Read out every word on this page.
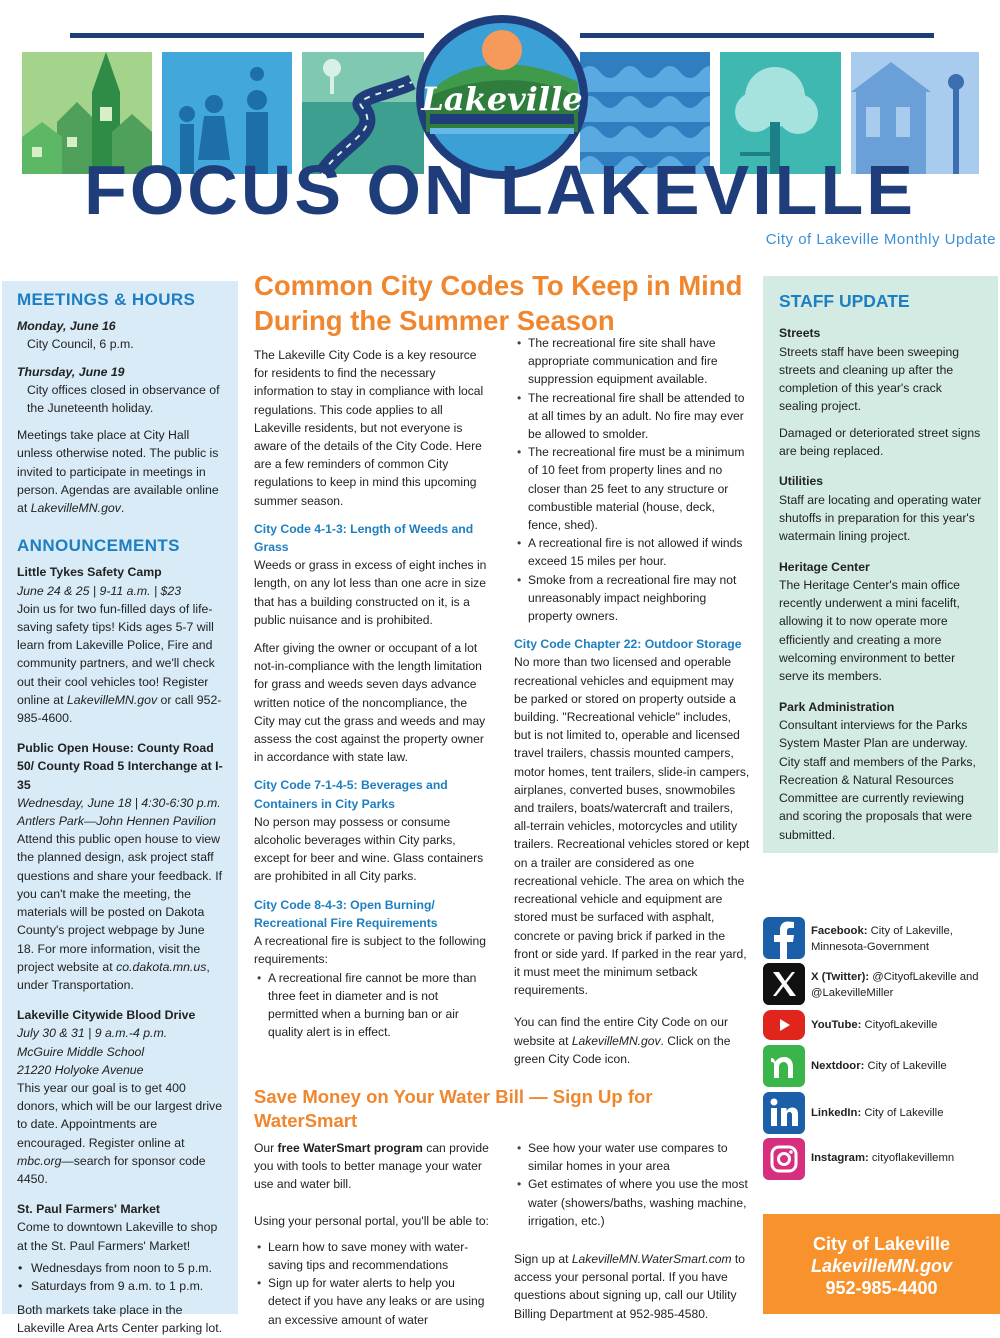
Lakeville
FOCUS ON LAKEVILLE
City of Lakeville Monthly Update
MEETINGS & HOURS

Monday, June 16

City Council, 6 p.m.

Thursday, June 19

City offices closed in observance of the Juneteenth holiday.

Meetings take place at City Hall unless otherwise noted. The public is invited to participate in meetings in person. Agendas are available online at LakevilleMN.gov.

ANNOUNCEMENTS

Little Tykes Safety Camp

June 24 & 25 | 9-11 a.m. | $23

Join us for two fun-filled days of life-saving safety tips! Kids ages 5-7 will learn from Lakeville Police, Fire and community partners, and we'll check out their cool vehicles too! Register online at LakevilleMN.gov or call 952-985-4600.

Public Open House: County Road 50/ County Road 5 Interchange at I-35

Wednesday, June 18 | 4:30-6:30 p.m.

Antlers Park—John Hennen Pavilion

Attend this public open house to view the planned design, ask project staff questions and share your feedback. If you can't make the meeting, the materials will be posted on Dakota County's project webpage by June 18. For more information, visit the project website at co.dakota.mn.us, under Transportation.

Lakeville Citywide Blood Drive

July 30 & 31 | 9 a.m.-4 p.m.

McGuire Middle School

21220 Holyoke Avenue

This year our goal is to get 400 donors, which will be our largest drive to date. Appointments are encouraged. Register online at mbc.org—search for sponsor code 4450.

St. Paul Farmers' Market

Come to downtown Lakeville to shop at the St. Paul Farmers' Market!

• Wednesdays from noon to 5 p.m.
• Saturdays from 9 a.m. to 1 p.m.

Both markets take place in the Lakeville Area Arts Center parking lot.

Common City Codes To Keep in Mind During the Summer Season

The Lakeville City Code is a key resource for residents to find the necessary information to stay in compliance with local regulations. This code applies to all Lakeville residents, but not everyone is aware of the details of the City Code. Here are a few reminders of common City regulations to keep in mind this upcoming summer season.

City Code 4-1-3: Length of Weeds and Grass

Weeds or grass in excess of eight inches in length, on any lot less than one acre in size that has a building constructed on it, is a public nuisance and is prohibited.

After giving the owner or occupant of a lot not-in-compliance with the length limitation for grass and weeds seven days advance written notice of the noncompliance, the City may cut the grass and weeds and may assess the cost against the property owner in accordance with state law.

City Code 7-1-4-5: Beverages and Containers in City Parks

No person may possess or consume alcoholic beverages within City parks, except for beer and wine. Glass containers are prohibited in all City parks.

City Code 8-4-3: Open Burning/ Recreational Fire Requirements

A recreational fire is subject to the following requirements:

• A recreational fire cannot be more than three feet in diameter and is not permitted when a burning ban or air quality alert is in effect.
• The recreational fire site shall have appropriate communication and fire suppression equipment available.
• The recreational fire shall be attended to at all times by an adult. No fire may ever be allowed to smolder.
• The recreational fire must be a minimum of 10 feet from property lines and no closer than 25 feet to any structure or combustible material (house, deck, fence, shed).
• A recreational fire is not allowed if winds exceed 15 miles per hour.
• Smoke from a recreational fire may not unreasonably impact neighboring property owners.

City Code Chapter 22: Outdoor Storage

No more than two licensed and operable recreational vehicles and equipment may be parked or stored on property outside a building. "Recreational vehicle" includes, but is not limited to, operable and licensed travel trailers, chassis mounted campers, motor homes, tent trailers, slide-in campers, airplanes, converted buses, snowmobiles and trailers, boats/watercraft and trailers, all-terrain vehicles, motorcycles and utility trailers. Recreational vehicles stored or kept on a trailer are considered as one recreational vehicle. The area on which the recreational vehicle and equipment are stored must be surfaced with asphalt, concrete or paving brick if parked in the front or side yard. If parked in the rear yard, it must meet the minimum setback requirements.

You can find the entire City Code on our website at LakevilleMN.gov. Click on the green City Code icon.

Save Money on Your Water Bill — Sign Up for WaterSmart

Our free WaterSmart program can provide you with tools to better manage your water use and water bill.

Using your personal portal, you'll be able to:

• Learn how to save money with water-saving tips and recommendations
• Sign up for water alerts to help you detect if you have any leaks or are using an excessive amount of water
• See how your water use compares to similar homes in your area
• Get estimates of where you use the most water (showers/baths, washing machine, irrigation, etc.)

Sign up at LakevilleMN.WaterSmart.com to access your personal portal. If you have questions about signing up, call our Utility Billing Department at 952-985-4580.

STAFF UPDATE

Streets

Streets staff have been sweeping streets and cleaning up after the completion of this year's crack sealing project.

Damaged or deteriorated street signs are being replaced.

Utilities

Staff are locating and operating water shutoffs in preparation for this year's watermain lining project.

Heritage Center

The Heritage Center's main office recently underwent a mini facelift, allowing it to now operate more efficiently and creating a more welcoming environment to better serve its members.

Park Administration

Consultant interviews for the Parks System Master Plan are underway. City staff and members of the Parks, Recreation & Natural Resources Committee are currently reviewing and scoring the proposals that were submitted.

Facebook: City of Lakeville, Minnesota-Government
X (Twitter): @CityofLakeville and @LakevilleMiller
YouTube: CityofLakeville
Nextdoor: City of Lakeville
LinkedIn: City of Lakeville
Instagram: cityoflakevillemn
City of Lakeville
LakevilleMN.gov
952-985-4400
